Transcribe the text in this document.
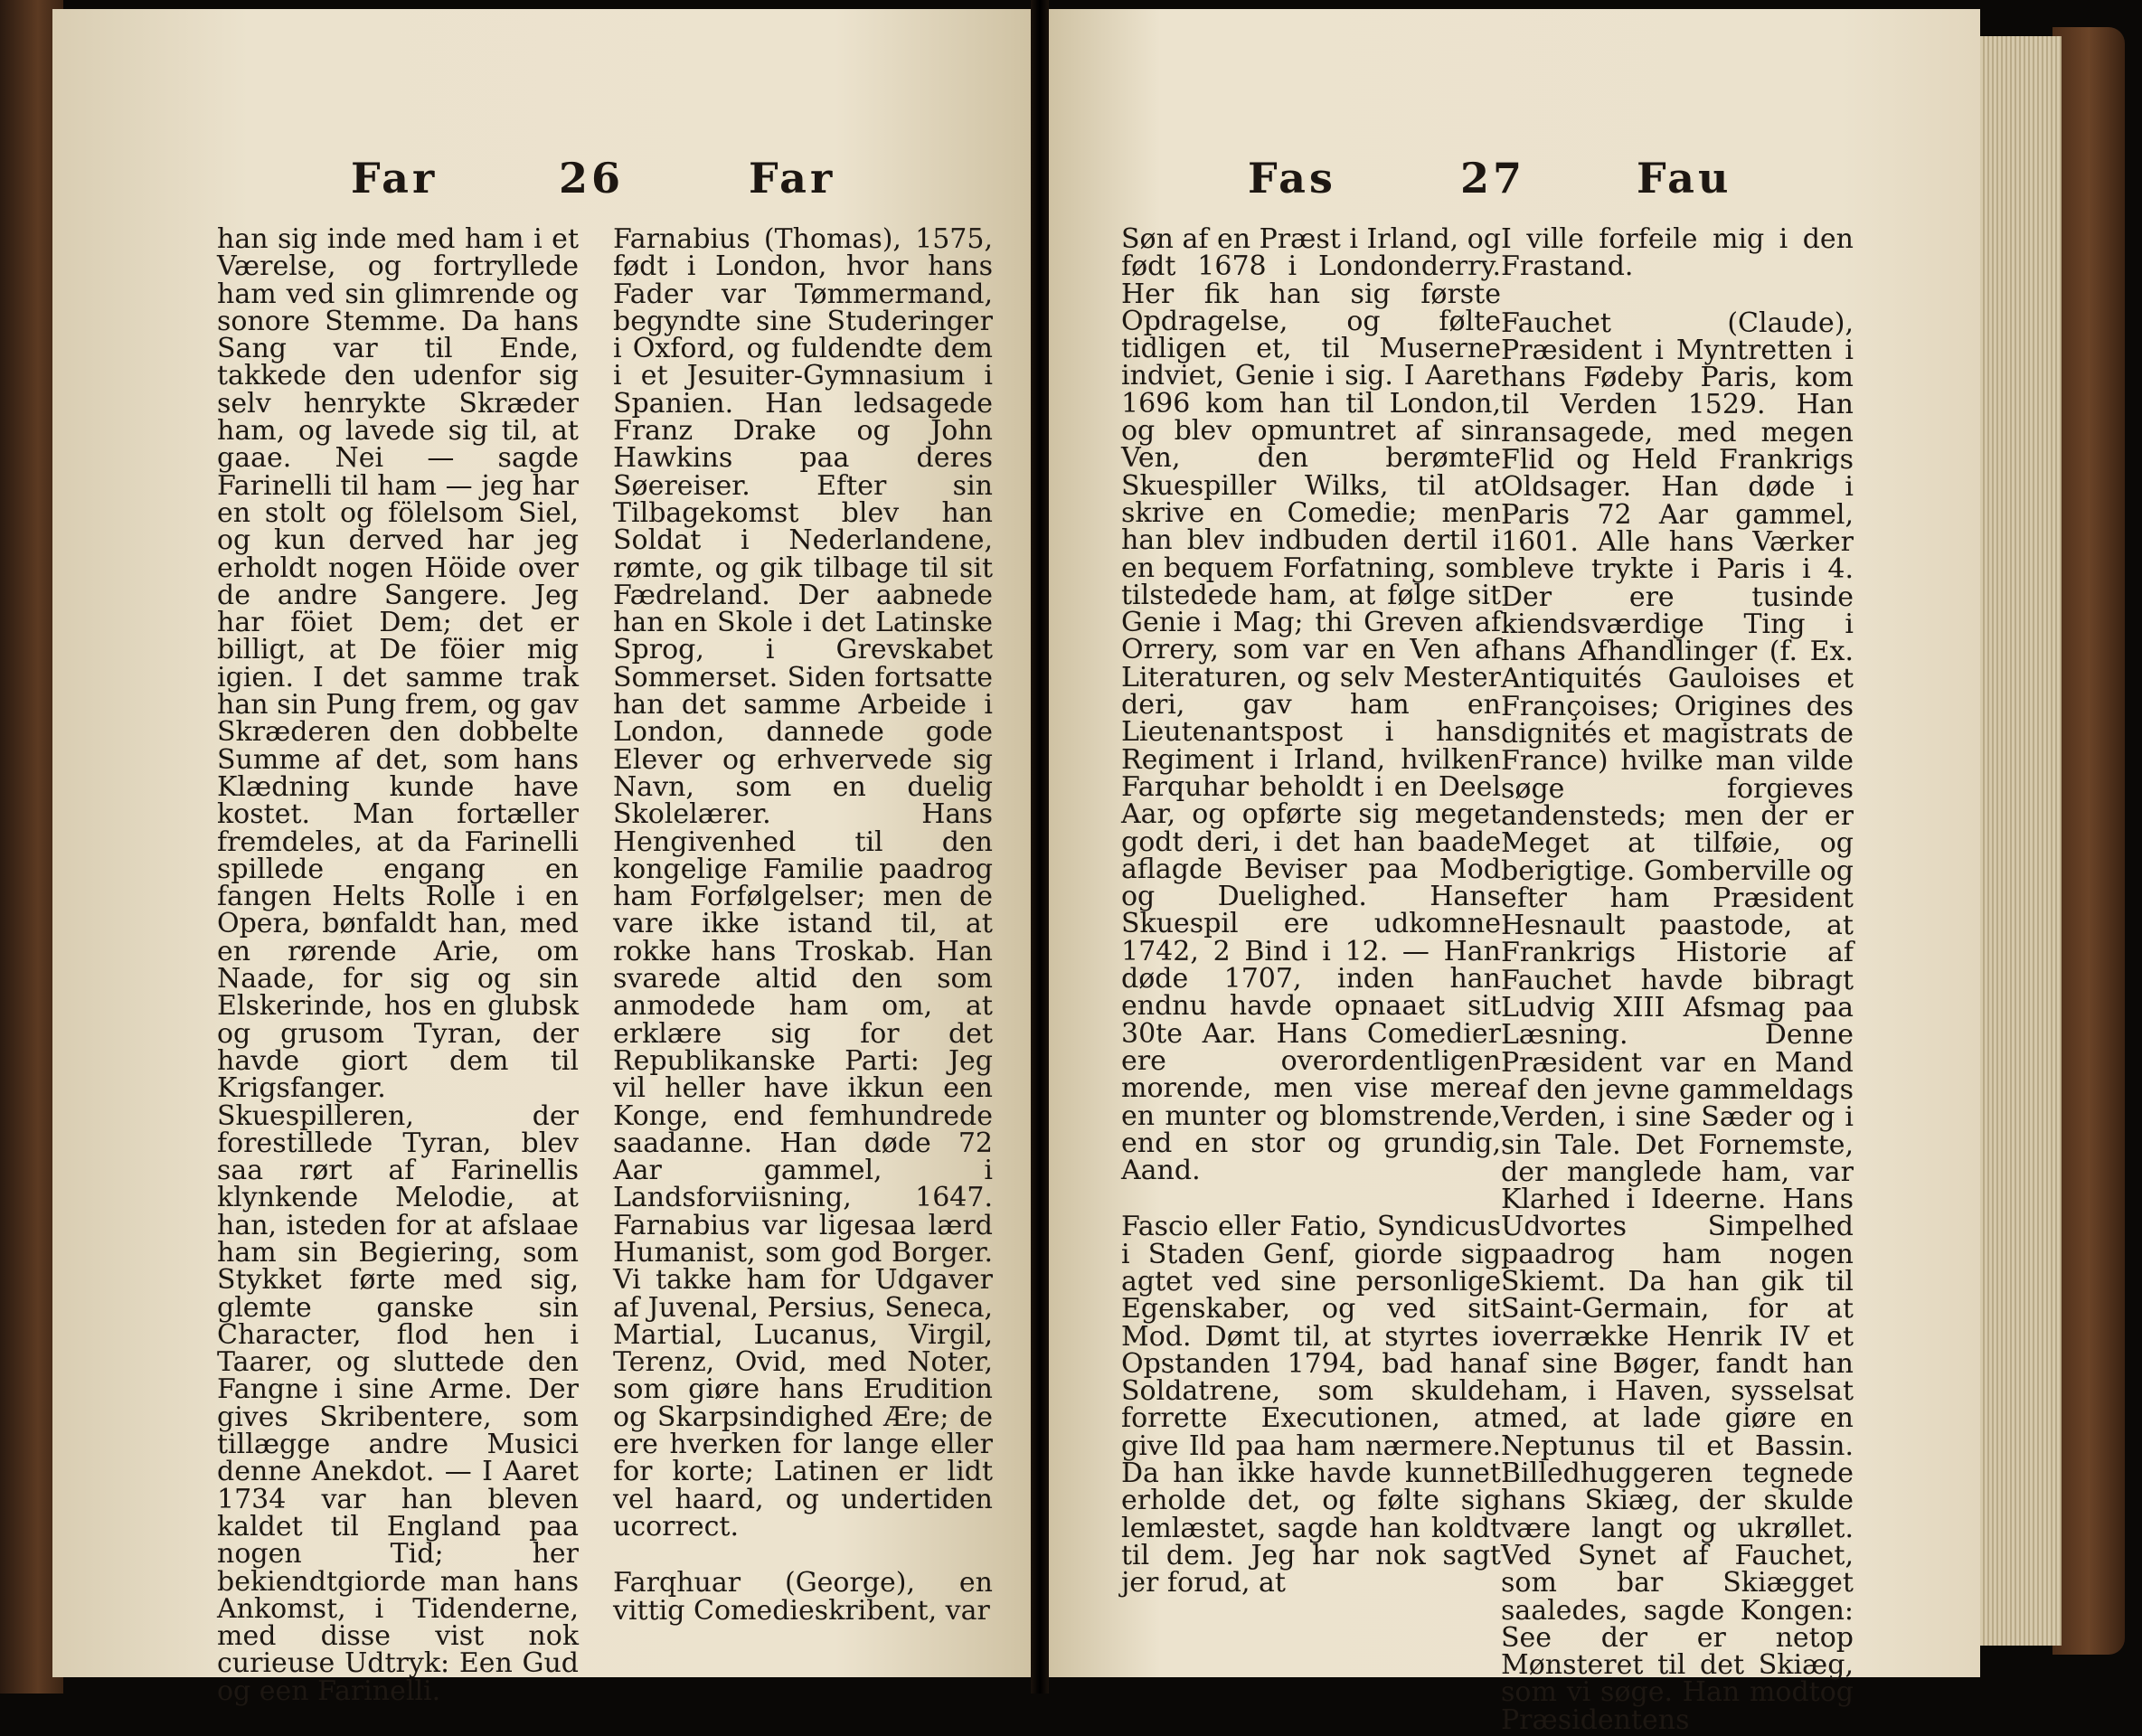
Far	26	Far

han sig inde med ham i et Værelse, og fortryllede ham ved sin glimrende og sonore Stemme. Da hans Sang var til Ende, takkede den udenfor sig selv henrykte Skræder ham, og lavede sig til, at gaae. Nei — sagde Farinelli til ham — jeg har en stolt og fölelsom Siel, og kun derved har jeg erholdt nogen Höide over de andre Sangere. Jeg har föiet Dem; det er billigt, at De föier mig igien. I det samme trak han sin Pung frem, og gav Skræderen den dobbelte Summe af det, som hans Klædning kunde have kostet. Man fortæller fremdeles, at da Farinelli spillede engang en fangen Helts Rolle i en Opera, bønfaldt han, med en rørende Arie, om Naade, for sig og sin Elskerinde, hos en glubsk og grusom Tyran, der havde giort dem til Krigsfanger. Skuespilleren, der forestillede Tyran, blev saa rørt af Farinellis klynkende Melodie, at han, isteden for at afslaae ham sin Begiering, som Stykket førte med sig, glemte ganske sin Character, flod hen i Taarer, og sluttede den Fangne i sine Arme. Der gives Skribentere, som tillægge andre Musici denne Anekdot. — I Aaret 1734 var han bleven kaldet til England paa nogen Tid; her bekiendtgiorde man hans Ankomst, i Tidenderne, med disse vist nok curieuse Udtryk: Een Gud og een Farinelli.

Farnabius (Thomas), 1575, født i London, hvor hans Fader var Tømmermand, begyndte sine Studeringer i Oxford, og fuldendte dem i et Jesuiter-Gymnasium i Spanien. Han ledsagede Franz Drake og John Hawkins paa deres Søereiser. Efter sin Tilbagekomst blev han Soldat i Nederlandene, rømte, og gik tilbage til sit Fædreland. Der aabnede han en Skole i det Latinske Sprog, i Grevskabet Sommerset. Siden fortsatte han det samme Arbeide i London, dannede gode Elever og erhvervede sig Navn, som en duelig Skolelærer. Hans Hengivenhed til den kongelige Familie paadrog ham Forfølgelser; men de vare ikke istand til, at rokke hans Troskab. Han svarede altid den som anmodede ham om, at erklære sig for det Republikanske Parti: Jeg vil heller have ikkun een Konge, end femhundrede saadanne. Han døde 72 Aar gammel, i Landsforviisning, 1647. Farnabius var ligesaa lærd Humanist, som god Borger. Vi takke ham for Udgaver af Juvenal, Persius, Seneca, Martial, Lucanus, Virgil, Terenz, Ovid, med Noter, som giøre hans Erudition og Skarpsindighed Ære; de ere hverken for lange eller for korte; Latinen er lidt vel haard, og undertiden ucorrect.

Farqhuar (George), en vittig Comedieskribent, var

Fas	27	Fau

Søn af en Præst i Irland, og født 1678 i Londonderry. Her fik han sig første Opdragelse, og følte tidligen et, til Muserne indviet, Genie i sig. I Aaret 1696 kom han til London, og blev opmuntret af sin Ven, den berømte Skuespiller Wilks, til at skrive en Comedie; men han blev indbuden dertil i en bequem Forfatning, som tilstedede ham, at følge sit Genie i Mag; thi Greven af Orrery, som var en Ven af Literaturen, og selv Mester deri, gav ham en Lieutenantspost i hans Regiment i Irland, hvilken Farquhar beholdt i en Deel Aar, og opførte sig meget godt deri, i det han baade aflagde Beviser paa Mod og Duelighed. Hans Skuespil ere udkomne 1742, 2 Bind i 12. — Han døde 1707, inden han endnu havde opnaaet sit 30te Aar. Hans Comedier ere overordentligen morende, men vise mere en munter og blomstrende, end en stor og grundig, Aand.

Fascio eller Fatio, Syndicus i Staden Genf, giorde sig agtet ved sine personlige Egenskaber, og ved sit Mod. Dømt til, at styrtes i Opstanden 1794, bad han Soldatrene, som skulde forrette Executionen, at give Ild paa ham nærmere. Da han ikke havde kunnet erholde det, og følte sig lemlæstet, sagde han koldt til dem. Jeg har nok sagt jer forud, at

I ville forfeile mig i den Frastand.

Fauchet (Claude), Præsident i Myntretten i hans Fødeby Paris, kom til Verden 1529. Han ransagede, med megen Flid og Held Frankrigs Oldsager. Han døde i Paris 72 Aar gammel, 1601. Alle hans Værker bleve trykte i Paris i 4. Der ere tusinde kiendsværdige Ting i hans Afhandlinger (f. Ex. Antiquités Gauloises et Françoises; Origines des dignités et magistrats de France) hvilke man vilde søge forgieves andensteds; men der er Meget at tilføie, og berigtige. Gomberville og efter ham Præsident Hesnault paastode, at Frankrigs Historie af Fauchet havde bibragt Ludvig XIII Afsmag paa Læsning. Denne Præsident var en Mand af den jevne gammeldags Verden, i sine Sæder og i sin Tale. Det Fornemste, der manglede ham, var Klarhed i Ideerne. Hans Udvortes Simpelhed paadrog ham nogen Skiemt. Da han gik til Saint-Germain, for at overrække Henrik IV et af sine Bøger, fandt han ham, i Haven, sysselsat med, at lade giøre en Neptunus til et Bassin. Billedhuggeren tegnede hans Skiæg, der skulde være langt og ukrøllet. Ved Synet af Fauchet, som bar Skiægget saaledes, sagde Kongen: See der er netop Mønsteret til det Skiæg, som vi søge. Han modtog Præsidentens
